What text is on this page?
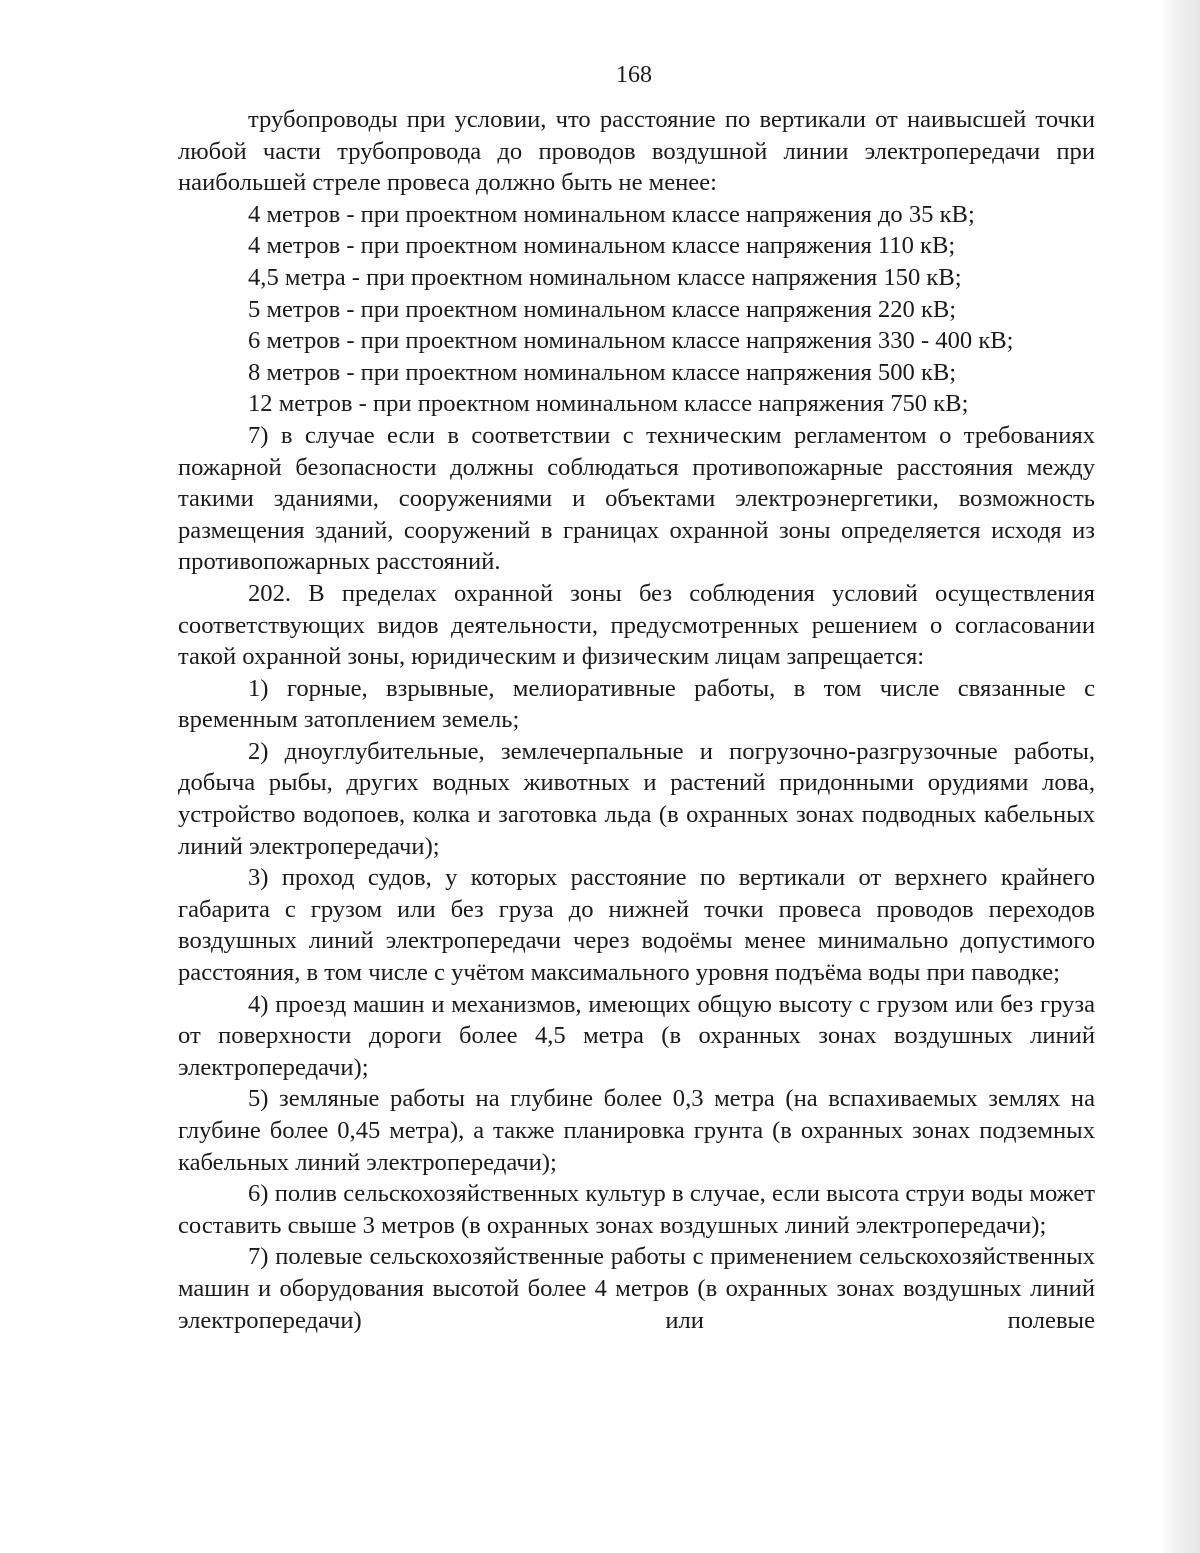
168

трубопроводы при условии, что расстояние по вертикали от наивысшей точки любой части трубопровода до проводов воздушной линии электропередачи при наибольшей стреле провеса должно быть не менее:

4 метров - при проектном номинальном классе напряжения до 35 кВ;

4 метров - при проектном номинальном классе напряжения 110 кВ;

4,5 метра - при проектном номинальном классе напряжения 150 кВ;

5 метров - при проектном номинальном классе напряжения 220 кВ;

6 метров - при проектном номинальном классе напряжения 330 - 400 кВ;

8 метров - при проектном номинальном классе напряжения 500 кВ;

12 метров - при проектном номинальном классе напряжения 750 кВ;

7) в случае если в соответствии с техническим регламентом о требованиях пожарной безопасности должны соблюдаться противопожарные расстояния между такими зданиями, сооружениями и объектами электроэнергетики, возможность размещения зданий, сооружений в границах охранной зоны определяется исходя из противопожарных расстояний.

202. В пределах охранной зоны без соблюдения условий осуществления соответствующих видов деятельности, предусмотренных решением о согласовании такой охранной зоны, юридическим и физическим лицам запрещается:

1) горные, взрывные, мелиоративные работы, в том числе связанные с временным затоплением земель;

2) дноуглубительные, землечерпальные и погрузочно-разгрузочные работы, добыча рыбы, других водных животных и растений придонными орудиями лова, устройство водопоев, колка и заготовка льда (в охранных зонах подводных кабельных линий электропередачи);

3) проход судов, у которых расстояние по вертикали от верхнего крайнего габарита с грузом или без груза до нижней точки провеса проводов переходов воздушных линий электропередачи через водоёмы менее минимально допустимого расстояния, в том числе с учётом максимального уровня подъёма воды при паводке;

4) проезд машин и механизмов, имеющих общую высоту с грузом или без груза от поверхности дороги более 4,5 метра (в охранных зонах воздушных линий электропередачи);

5) земляные работы на глубине более 0,3 метра (на вспахиваемых землях на глубине более 0,45 метра), а также планировка грунта (в охранных зонах подземных кабельных линий электропередачи);

6) полив сельскохозяйственных культур в случае, если высота струи воды может составить свыше 3 метров (в охранных зонах воздушных линий электропередачи);

7) полевые сельскохозяйственные работы с применением сельскохозяйственных машин и оборудования высотой более 4 метров (в охранных зонах воздушных линий электропередачи) или полевые
